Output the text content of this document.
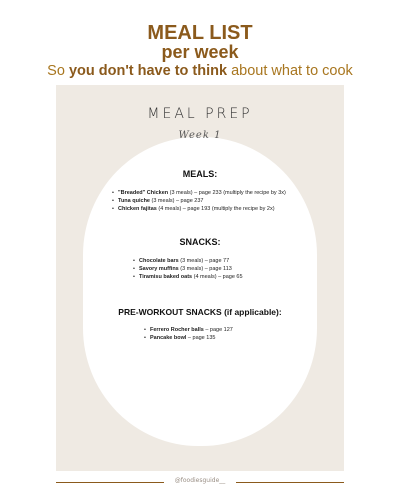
MEAL LIST
per week
So you don't have to think about what to cook
MEAL PREP
Week 1
MEALS:
• "Breaded" Chicken (3 meals) – page 233 (multiply the recipe by 3x)
• Tuna quiche (3 meals) – page 237
• Chicken fajitas (4 meals) – page 193 (multiply the recipe by 2x)
SNACKS:
• Chocolate bars (3 meals) – page 77
• Savory muffins (3 meals) – page 113
• Tiramisu baked oats (4 meals) – page 65
PRE-WORKOUT SNACKS (if applicable):
• Ferrero Rocher balls – page 127
• Pancake bowl – page 135
@foodiesguide__
